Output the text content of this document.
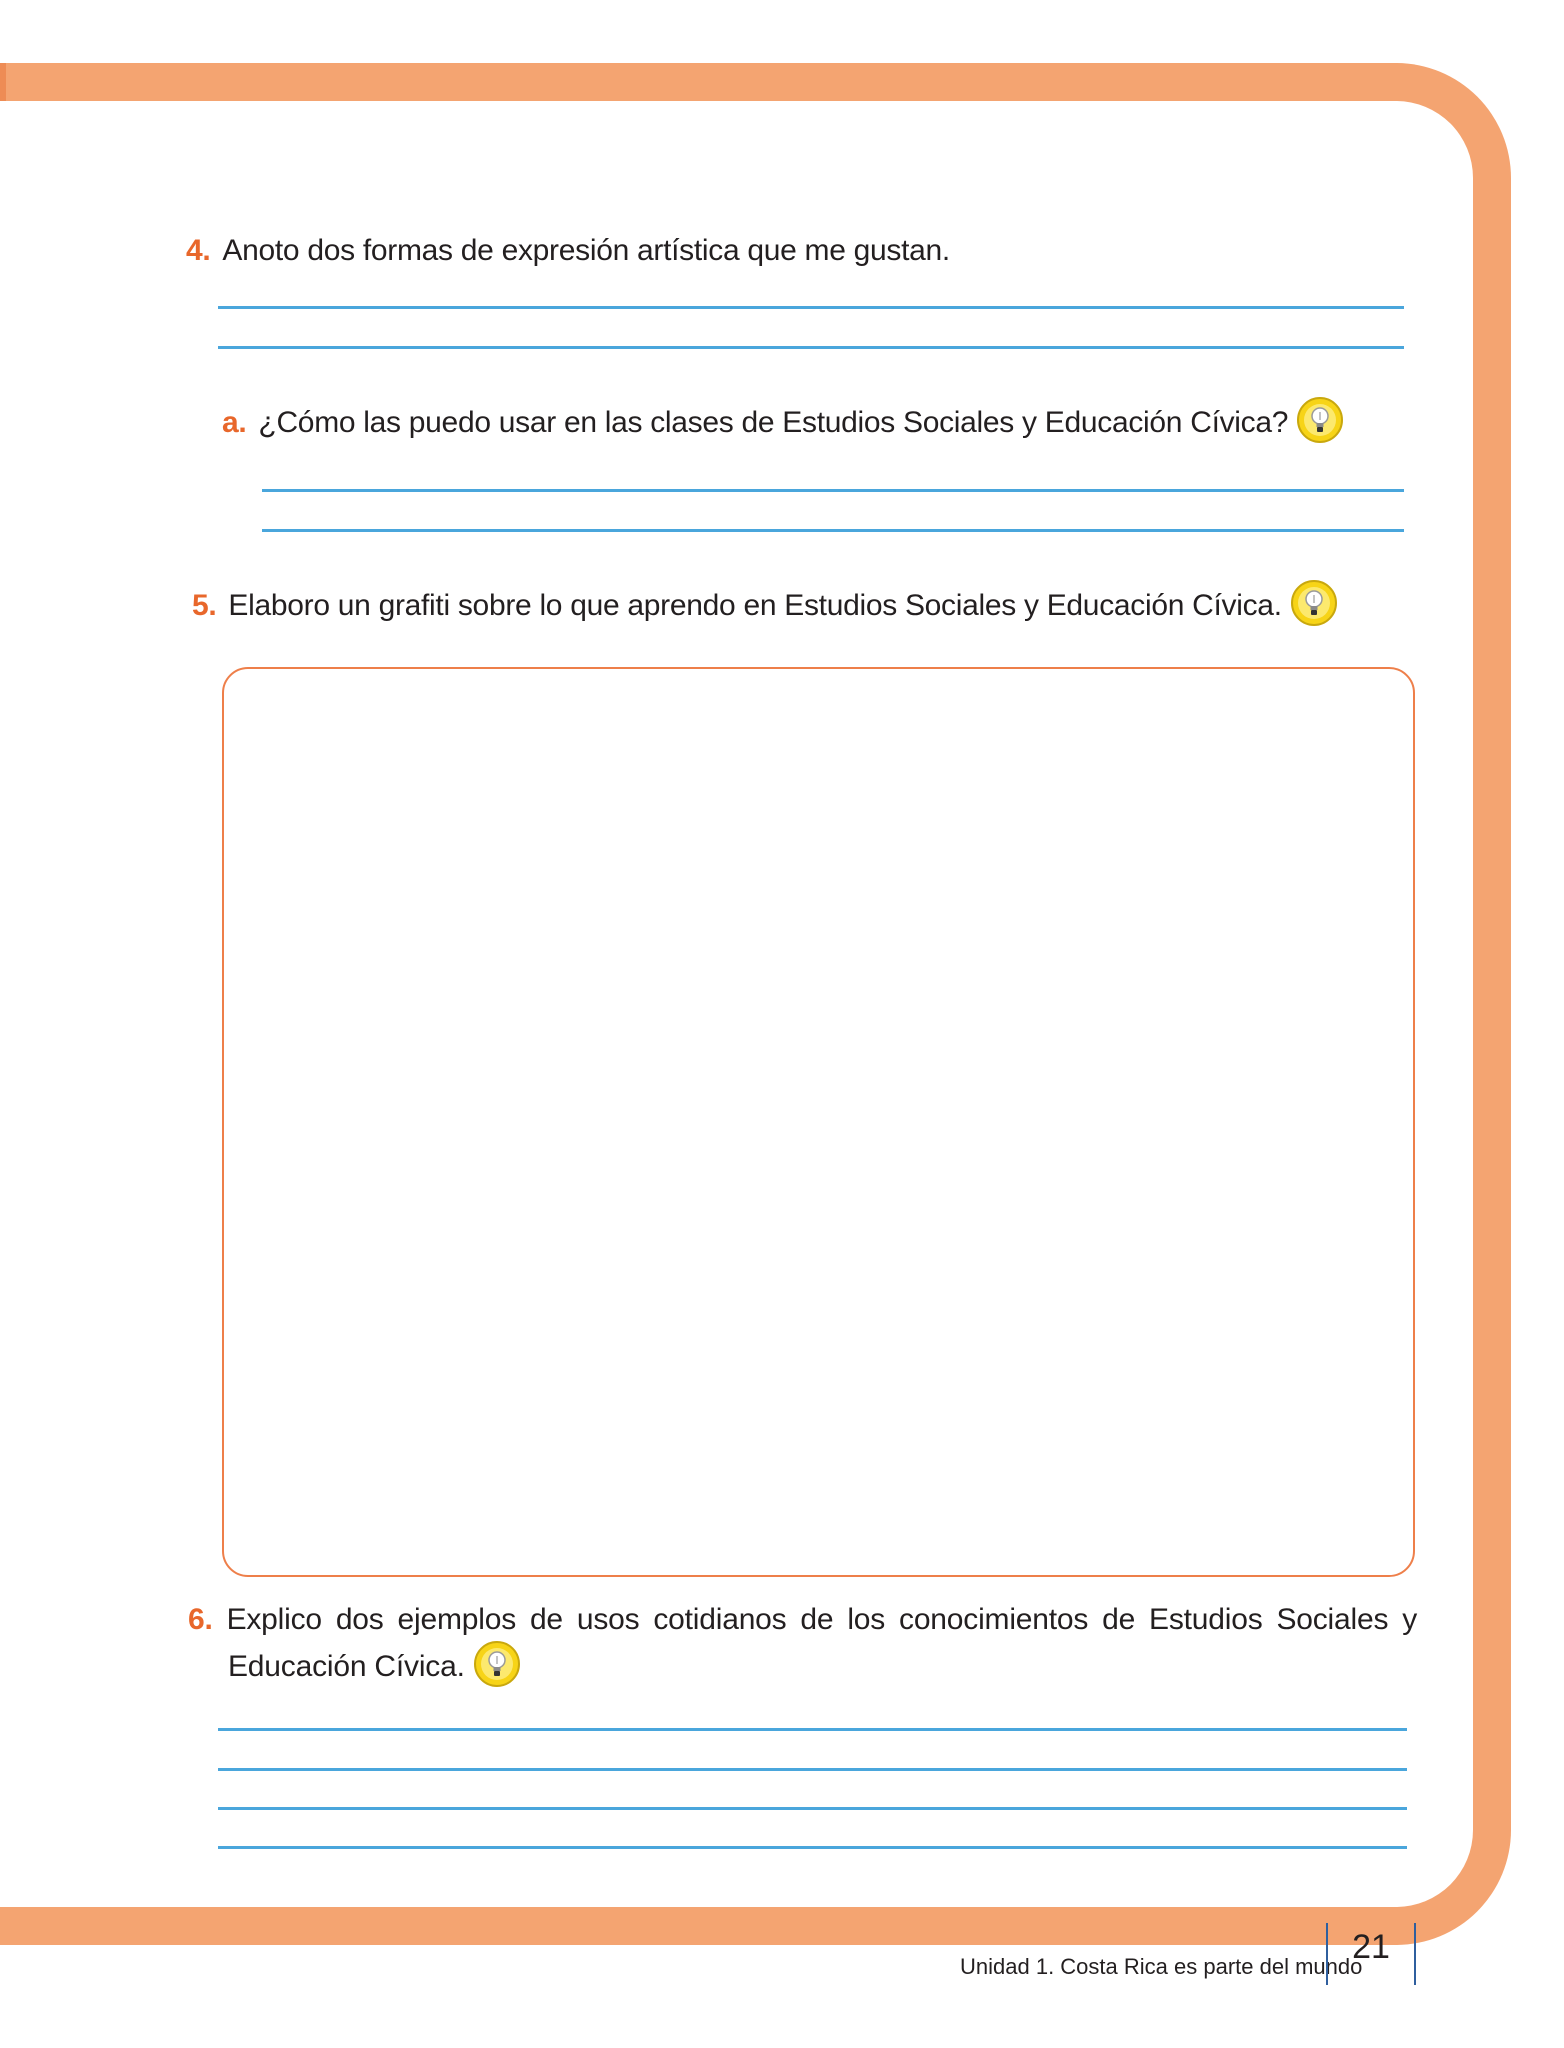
4. Anoto dos formas de expresión artística que me gustan.
a. ¿Cómo las puedo usar en las clases de Estudios Sociales y Educación Cívica?
5. Elaboro un grafiti sobre lo que aprendo en Estudios Sociales y Educación Cívica.
6. Explico dos ejemplos de usos cotidianos de los conocimientos de Estudios Sociales y
Educación Cívica.
Unidad 1. Costa Rica es parte del mundo
21
